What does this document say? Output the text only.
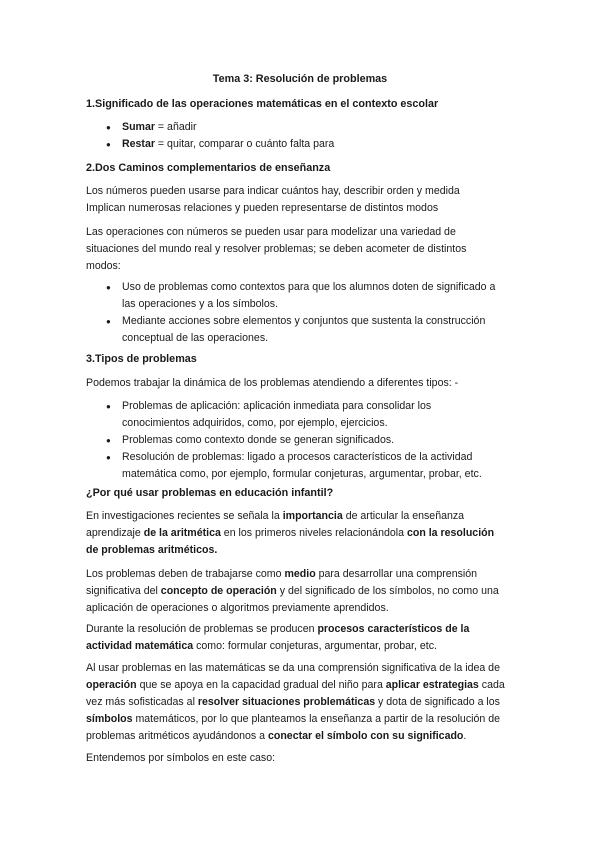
Tema 3: Resolución de problemas
1.Significado de las operaciones matemáticas en el contexto escolar
● Sumar = añadir
● Restar = quitar, comparar o cuánto falta para
2.Dos Caminos complementarios de enseñanza

Los números pueden usarse para indicar cuántos hay, describir orden y medida
Implican numerosas relaciones y pueden representarse de distintos modos

Las operaciones con números se pueden usar para modelizar una variedad de
situaciones del mundo real y resolver problemas; se deben acometer de distintos
modos:

● Uso de problemas como contextos para que los alumnos doten de significado a
las operaciones y a los símbolos.
● Mediante acciones sobre elementos y conjuntos que sustenta la construcción
conceptual de las operaciones.
3.Tipos de problemas

Podemos trabajar la dinámica de los problemas atendiendo a diferentes tipos: -

● Problemas de aplicación: aplicación inmediata para consolidar los
conocimientos adquiridos, como, por ejemplo, ejercicios.
● Problemas como contexto donde se generan significados.
● Resolución de problemas: ligado a procesos característicos de la actividad
matemática como, por ejemplo, formular conjeturas, argumentar, probar, etc.
¿Por qué usar problemas en educación infantil?

En investigaciones recientes se señala la importancia de articular la enseñanza
aprendizaje de la aritmética en los primeros niveles relacionándola con la resolución
de problemas aritméticos.

Los problemas deben de trabajarse como medio para desarrollar una comprensión
significativa del concepto de operación y del significado de los símbolos, no como una
aplicación de operaciones o algoritmos previamente aprendidos.

Durante la resolución de problemas se producen procesos característicos de la
actividad matemática como: formular conjeturas, argumentar, probar, etc.

Al usar problemas en las matemáticas se da una comprensión significativa de la idea de
operación que se apoya en la capacidad gradual del niño para aplicar estrategias cada
vez más sofisticadas al resolver situaciones problemáticas y dota de significado a los
símbolos matemáticos, por lo que planteamos la enseñanza a partir de la resolución de
problemas aritméticos ayudándonos a conectar el símbolo con su significado.

Entendemos por símbolos en este caso:
